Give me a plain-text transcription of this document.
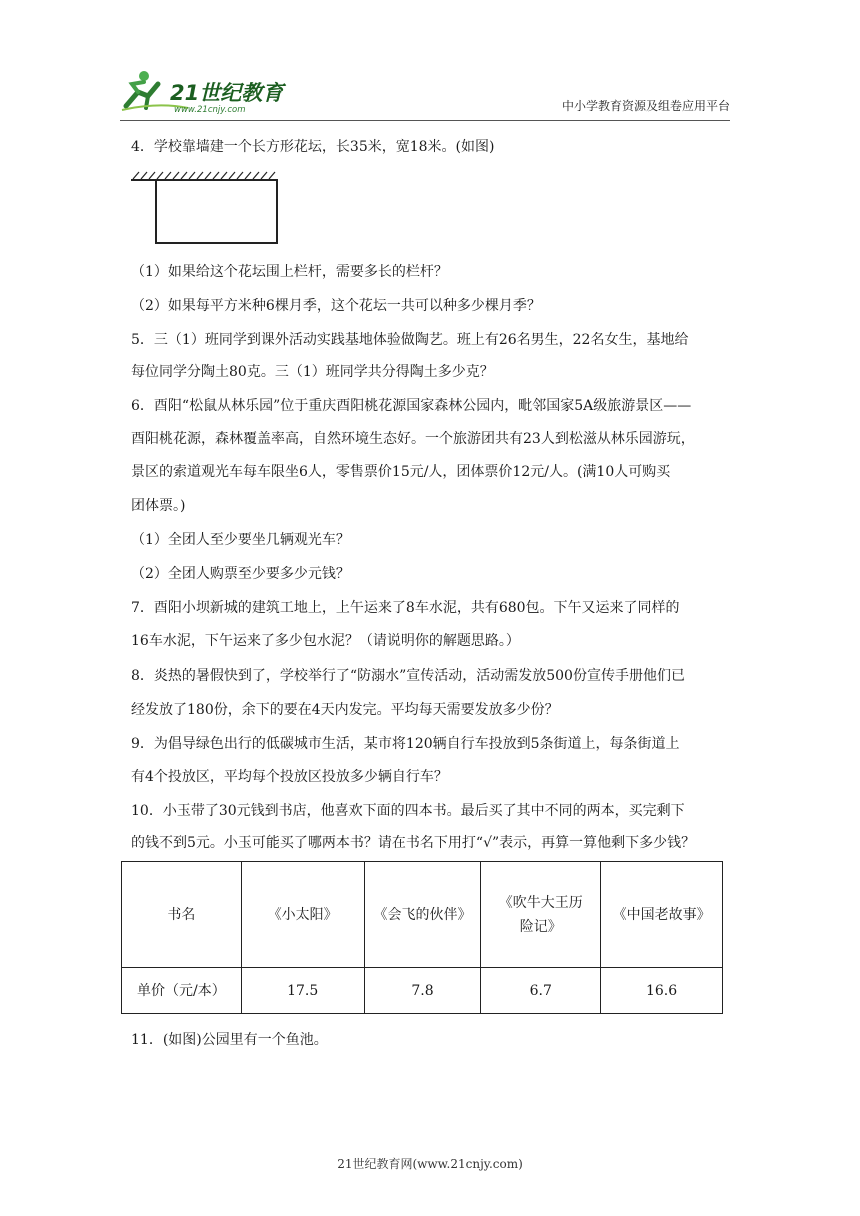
21世纪教育
www.21cnjy.com	中小学教育资源及组卷应用平台
4．学校靠墙建一个长方形花坛，长35米，宽18米。(如图)
（1）如果给这个花坛围上栏杆，需要多长的栏杆？
（2）如果每平方米种6棵月季，这个花坛一共可以种多少棵月季？
5．三（1）班同学到课外活动实践基地体验做陶艺。班上有26名男生，22名女生，基地给
每位同学分陶土80克。三（1）班同学共分得陶土多少克？
6．酉阳“松鼠从林乐园”位于重庆酉阳桃花源国家森林公园内，毗邻国家5A级旅游景区——
酉阳桃花源，森林覆盖率高，自然环境生态好。一个旅游团共有23人到松滋从林乐园游玩，
景区的索道观光车每车限坐6人，零售票价15元/人，团体票价12元/人。(满10人可购买
团体票。)
（1）全团人至少要坐几辆观光车？
（2）全团人购票至少要多少元钱？
7．酉阳小坝新城的建筑工地上，上午运来了8车水泥，共有680包。下午又运来了同样的
16车水泥，下午运来了多少包水泥？（请说明你的解题思路。）
8．炎热的暑假快到了，学校举行了“防溺水”宣传活动，活动需发放500份宣传手册他们已
经发放了180份，余下的要在4天内发完。平均每天需要发放多少份？
9．为倡导绿色出行的低碳城市生活，某市将120辆自行车投放到5条街道上，每条街道上
有4个投放区，平均每个投放区投放多少辆自行车？
10．小玉带了30元钱到书店，他喜欢下面的四本书。最后买了其中不同的两本，买完剩下
的钱不到5元。小玉可能买了哪两本书？请在书名下用打“√”表示，再算一算他剩下多少钱？
书名	《小太阳》	《会飞的伙伴》	《吹牛大王历
险记》	《中国老故事》
单价（元/本）	17.5	7.8	6.7	16.6
11．(如图)公园里有一个鱼池。
21世纪教育网(www.21cnjy.com)
